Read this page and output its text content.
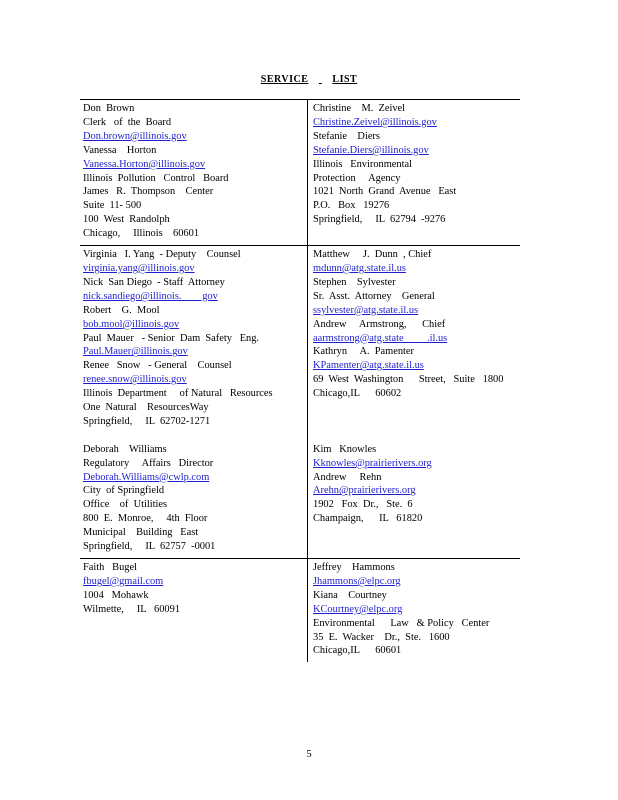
SERVICE LIST
Don  Brown
Clerk   of  the  Board
Don.brown@illinois.gov
Vanessa    Horton
Vanessa.Horton@illinois.gov
Illinois  Pollution   Control   Board
James   R.  Thompson    Center
Suite  11- 500
100  West  Randolph
Chicago,     Illinois    60601
Christine    M.  Zeivel
Christine.Zeivel@illinois.gov
Stefanie    Diers
Stefanie.Diers@illinois.gov
Illinois   Environmental
Protection     Agency
1021  North  Grand  Avenue   East
P.O.   Box   19276
Springfield,     IL  62794  -9276
Virginia   I. Yang  - Deputy    Counsel
virginia.yang@illinois.gov
Nick  San Diego  - Staff  Attorney
nick.sandiego@illinois.        gov
Robert    G.  Mool
bob.mool@illinois.gov
Paul  Mauer   - Senior  Dam  Safety   Eng.
Paul.Mauer@illinois.gov
Renee   Snow   - General    Counsel
renee.snow@illinois.gov
Illinois  Department     of Natural   Resources
One  Natural    ResourcesWay
Springfield,     IL  62702-1271
Deborah    Williams
Regulatory     Affairs   Director
Deborah.Williams@cwlp.com
City  of Springfield
Office    of  Utilities
800  E.  Monroe,     4th  Floor
Municipal    Building   East
Springfield,     IL  62757  -0001
Matthew     J.  Dunn  , Chief
mdunn@atg.state.il.us
Stephen    Sylvester
Sr.  Asst.  Attorney    General
ssylvester@atg.state.il.us
Andrew     Armstrong,      Chief
aarmstrong@atg.state         .il.us
Kathryn     A.  Pamenter
KPamenter@atg.state.il.us
69  West  Washington      Street,   Suite   1800
Chicago,IL      60602
Kim   Knowles
Kknowles@prairierivers.org
Andrew     Rehn
Arehn@prairierivers.org
1902   Fox  Dr.,   Ste.  6
Champaign,      IL   61820
Faith   Bugel
fbugel@gmail.com
1004   Mohawk
Wilmette,     IL   60091
Jeffrey    Hammons
Jhammons@elpc.org
Kiana    Courtney
KCourtney@elpc.org
Environmental      Law   & Policy   Center
35  E.  Wacker    Dr.,  Ste.   1600
Chicago,IL      60601
5
